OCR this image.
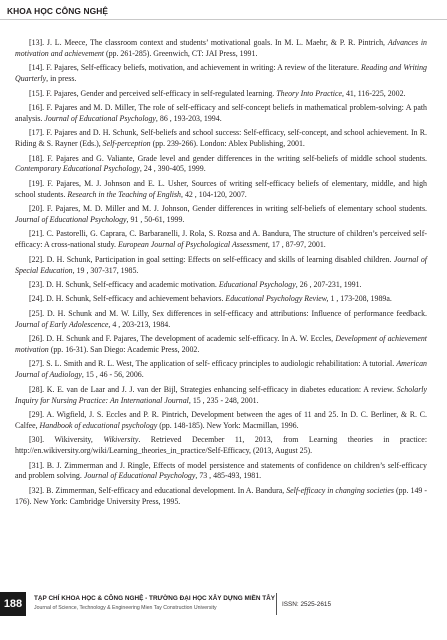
KHOA HỌC CÔNG NGHỆ

[13]. J. L. Meece, The classroom context and students’ motivational goals. In M. L. Maehr, & P. R. Pintrich, Advances in motivation and achievement (pp. 261-285). Greenwich, CT: JAI Press, 1991.

[14]. F. Pajares, Self-efficacy beliefs, motivation, and achievement in writing: A review of the literature. Reading and Writing Quarterly, in press.

[15]. F. Pajares, Gender and perceived self-efficacy in self-regulated learning. Theory Into Practice, 41, 116-225, 2002.

[16]. F. Pajares and M. D. Miller, The role of self-efficacy and self-concept beliefs in mathematical problem-solving: A path analysis. Journal of Educational Psychology, 86 , 193-203, 1994.

[17]. F. Pajares and D. H. Schunk, Self-beliefs and school success: Self-efficacy, self-concept, and school achievement. In R. Riding & S. Rayner (Eds.), Self-perception (pp. 239-266). London: Ablex Publishing, 2001.

[18]. F. Pajares and G. Valiante, Grade level and gender differences in the writing self-beliefs of middle school students. Contemporary Educational Psychology, 24 , 390-405, 1999.

[19]. F. Pajares, M. J. Johnson and E. L. Usher, Sources of writing self-efficacy beliefs of elementary, middle, and high school students. Research in the Teaching of English, 42 , 104-120, 2007.

[20]. F. Pajares, M. D. Miller and M. J. Johnson, Gender differences in writing self-beliefs of elementary school students. Journal of Educational Psychology, 91 , 50-61, 1999.

[21]. C. Pastorelli, G. Caprara, C. Barbaranelli, J. Rola, S. Rozsa and A. Bandura, The structure of children’s perceived self-efficacy: A cross-national study. European Journal of Psychological Assessment, 17 , 87-97, 2001.

[22]. D. H. Schunk, Participation in goal setting: Effects on self-efficacy and skills of learning disabled children. Journal of Special Education, 19 , 307-317, 1985.

[23]. D. H. Schunk, Self-efficacy and academic motivation. Educational Psychology, 26 , 207-231, 1991.

[24]. D. H. Schunk, Self-efficacy and achievement behaviors. Educational Psychology Review, 1 , 173-208, 1989a.

[25]. D. H. Schunk and M. W. Lilly, Sex differences in self-efficacy and attributions: Influence of performance feedback. Journal of Early Adolescence, 4 , 203-213, 1984.

[26]. D. H. Schunk and F. Pajares, The development of academic self-efficacy. In A. W. Eccles, Development of achievement motivation (pp. 16-31). San Diego: Academic Press, 2002.

[27]. S. L. Smith and R. L. West, The application of self- efficacy principles to audiologic rehabilitation: A tutorial. American Journal of Audiology, 15 , 46 - 56, 2006.

[28]. K. E. van de Laar and J. J. van der Bijl, Strategies enhancing self-efficacy in diabetes education: A review. Scholarly Inquiry for Nursing Practice: An International Journal, 15 , 235 - 248, 2001.

[29]. A. Wigfield, J. S. Eccles and P. R. Pintrich, Development between the ages of 11 and 25. In D. C. Berliner, & R. C. Calfee, Handbook of educational psychology (pp. 148-185). New York: Macmillan, 1996.

[30]. Wikiversity, Wikiversity. Retrieved December 11, 2013, from Learning theories in practice: http://en.wikiversity.org/wiki/Learning_theories_in_practice/Self-Efficacy, (2013, August 25).

[31]. B. J. Zimmerman and J. Ringle, Effects of model persistence and statements of confidence on children’s self-efficacy and problem solving. Journal of Educational Psychology, 73 , 485-493, 1981.

[32]. B. Zimmerman, Self-efficacy and educational development. In A. Bandura, Self-efficacy in changing societies (pp. 149 - 176). New York: Cambridge University Press, 1995.

188	TẠP CHÍ KHOA HỌC & CÔNG NGHỆ - TRƯỜNG ĐẠI HỌC XÂY DỰNG MIỀN TÂY
Journal of Science, Technology & Engineering Mien Tay Construction University	ISSN: 2525-2615
